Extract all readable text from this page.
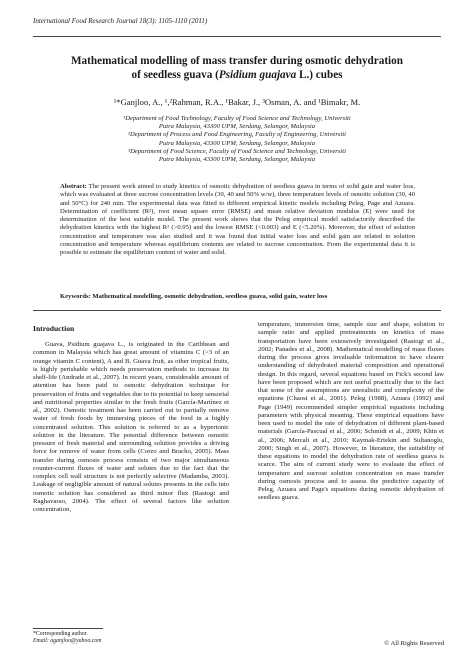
International Food Research Journal 18(3): 1105-1110 (2011)
Mathematical modelling of mass transfer during osmotic dehydration
of seedless guava (Psidium guajava L.) cubes
¹*Ganjloo, A., ¹,²Rahman, R.A., ¹Bakar, J., ³Osman, A. and ¹Bimakr, M.
¹Department of Food Technology, Faculty of Food Science and Technology, Universiti
Putra Malaysia, 43300 UPM, Serdang, Selangor, Malaysia
²Department of Process and Food Engineering, Faculty of Engineering, Universiti
Putra Malaysia, 43300 UPM, Serdang, Selangor, Malaysia
³Department of Food Science, Faculty of Food Science and Technology, Universiti
Putra Malaysia, 43300 UPM, Serdang, Selangor, Malaysia
Abstract: The present work aimed to study kinetics of osmotic dehydration of seedless guava in terms of solid gain and water loss, which was evaluated at three sucrose concentration levels (30, 40 and 50% w/w), three temperature levels of osmotic solution (30, 40 and 50°C) for 240 min. The experimental data was fitted to different empirical kinetic models including Peleg, Page and Azuara. Determination of coefficient (R²), root mean square error (RMSE) and mean relative deviation modulus (E) were used for determination of the best suitable model. The present work shows that the Peleg empirical model satisfactorily described the dehydration kinetics with the highest R² (>0.95) and the lowest RMSE (<0.003) and E (<5.20%). Moreover, the effect of solution concentration and temperature was also studied and it was found that initial water loss and solid gain are related to solution concentration and temperature whereas equilibrium contents are related to sucrose concentration. From the experimental data it is possible to estimate the equilibrium content of water and solid.
Keywords: Mathematical modelling, osmotic dehydration, seedless guava, solid gain, water loss
Introduction

Guava, Psidium guajava L., is originated in the Caribbean and common in Malaysia which has great amount of vitamins C (>3 of an orange vitamin C content), A and B. Guava fruit, as other tropical fruits, is highly perishable which needs preservation methods to increase its shelf-life (Andrade et al., 2007). In recent years, considerable amount of attention has been paid to osmotic dehydration technique for preservation of fruits and vegetables due to its potential to keep sensorial and nutritional properties similar to the fresh fruits (García-Martínez et al., 2002). Osmotic treatment has been carried out to partially remove water of fresh foods by immersing pieces of the food in a highly concentrated solution. This solution is referred to as a hypertonic solution in the literature. The potential difference between osmotic pressure of fresh material and surrounding solution provides a driving force for remove of water from cells (Corzo and Bracho, 2005). Mass transfer during osmosis process consists of two major simultaneous counter-current fluxes of water and solutes due to the fact that the complex cell wall structure is not perfectly selective (Madamba, 2003). Leakage of negligible amount of natural solutes presents in the cells into osmotic solution has considered as third minor flux (Rastogi and Raghavarao, 2004). The effect of several factors like solution concentration,

temperature, immersion time, sample size and shape, solution to sample ratio and applied pretreatments on kinetics of mass transportation have been extensively investigated (Rastogi et al., 2002; Panades et al., 2008). Mathematical modelling of mass fluxes during the process gives invaluable information to have clearer understanding of dehydrated material composition and operational design. In this regard, several equations based on Fick's second law have been proposed which are not useful practically due to the fact that some of the assumptions are unrealistic and complexity of the equations (Chaosi et al., 2001). Peleg (1988), Azuara (1992) and Page (1949) recommended simpler empirical equations including parameters with physical meaning. These empirical equations have been used to model the rate of dehydration of different plant-based materials (García-Pascual et al., 2006; Schmidt et al., 2009; Khin et al., 2006; Mercali et al., 2010; Kaymak-Ertekin and Sultanoglu, 2000; Singh et al., 2007). However, in literature, the suitability of these equations to model the dehydration rate of seedless guava is scarce. The aim of current study were to evaluate the effect of temperature and sucrose solution concentration on mass transfer during osmosis process and to assess the predictive capacity of Peleg, Azuara and Page's equations during osmotic dehydration of seedless guava.

*Corresponding author.
Email: aganjloo@yahoo.com	© All Rights Reserved
